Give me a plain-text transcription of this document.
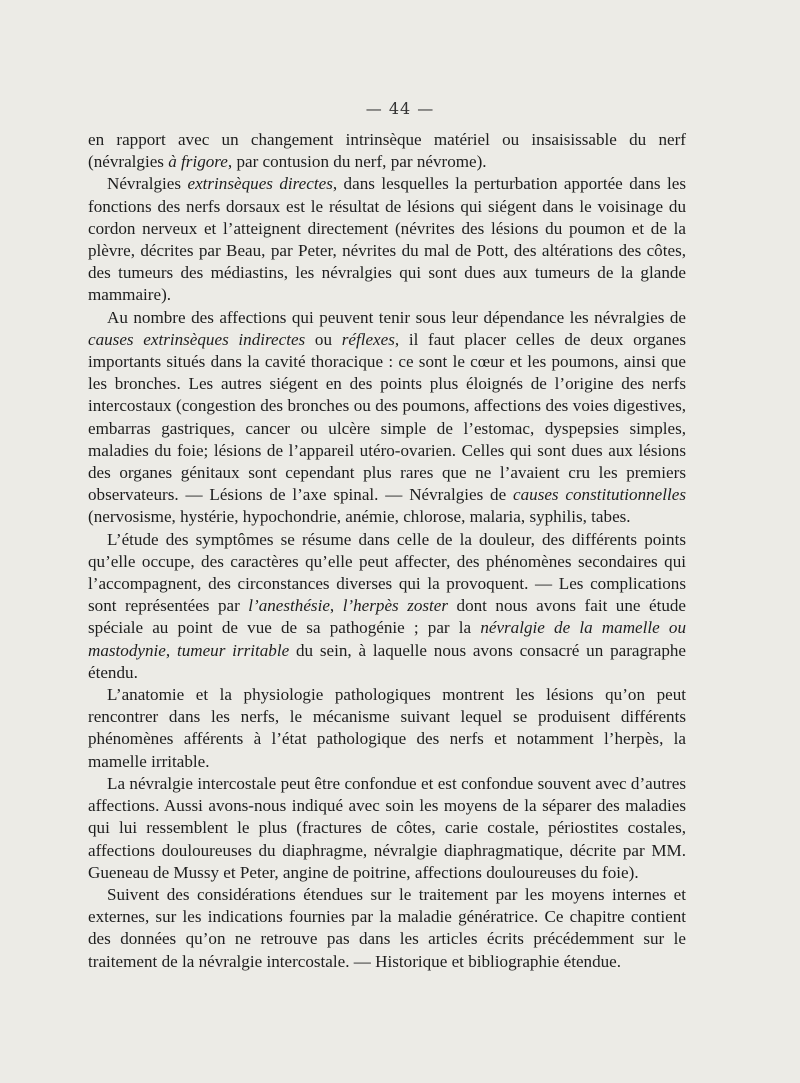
— 44 —

en rapport avec un changement intrinsèque matériel ou insaisissable du nerf (névralgies à frigore, par contusion du nerf, par névrome).

Névralgies extrinsèques directes, dans lesquelles la perturbation apportée dans les fonctions des nerfs dorsaux est le résultat de lésions qui siégent dans le voisinage du cordon nerveux et l’atteignent directement (névrites des lésions du poumon et de la plèvre, décrites par Beau, par Peter, névrites du mal de Pott, des altérations des côtes, des tumeurs des médiastins, les névralgies qui sont dues aux tumeurs de la glande mammaire).

Au nombre des affections qui peuvent tenir sous leur dépendance les névralgies de causes extrinsèques indirectes ou réflexes, il faut placer celles de deux organes importants situés dans la cavité thoracique : ce sont le cœur et les poumons, ainsi que les bronches. Les autres siégent en des points plus éloignés de l’origine des nerfs intercostaux (congestion des bronches ou des poumons, affections des voies digestives, embarras gastriques, cancer ou ulcère simple de l’estomac, dyspepsies simples, maladies du foie; lésions de l’appareil utéro-ovarien. Celles qui sont dues aux lésions des organes génitaux sont cependant plus rares que ne l’avaient cru les premiers observateurs. — Lésions de l’axe spinal. — Névralgies de causes constitutionnelles (nervosisme, hystérie, hypochondrie, anémie, chlorose, malaria, syphilis, tabes.

L’étude des symptômes se résume dans celle de la douleur, des différents points qu’elle occupe, des caractères qu’elle peut affecter, des phénomènes secondaires qui l’accompagnent, des circonstances diverses qui la provoquent. — Les complications sont représentées par l’anesthésie, l’herpès zoster dont nous avons fait une étude spéciale au point de vue de sa pathogénie ; par la névralgie de la mamelle ou mastodynie, tumeur irritable du sein, à laquelle nous avons consacré un paragraphe étendu.

L’anatomie et la physiologie pathologiques montrent les lésions qu’on peut rencontrer dans les nerfs, le mécanisme suivant lequel se produisent différents phénomènes afférents à l’état pathologique des nerfs et notamment l’herpès, la mamelle irritable.

La névralgie intercostale peut être confondue et est confondue souvent avec d’autres affections. Aussi avons-nous indiqué avec soin les moyens de la séparer des maladies qui lui ressemblent le plus (fractures de côtes, carie costale, périostites costales, affections douloureuses du diaphragme, névralgie diaphragmatique, décrite par MM. Gueneau de Mussy et Peter, angine de poitrine, affections douloureuses du foie).

Suivent des considérations étendues sur le traitement par les moyens internes et externes, sur les indications fournies par la maladie génératrice. Ce chapitre contient des données qu’on ne retrouve pas dans les articles écrits précédemment sur le traitement de la névralgie intercostale. — Historique et bibliographie étendue.
